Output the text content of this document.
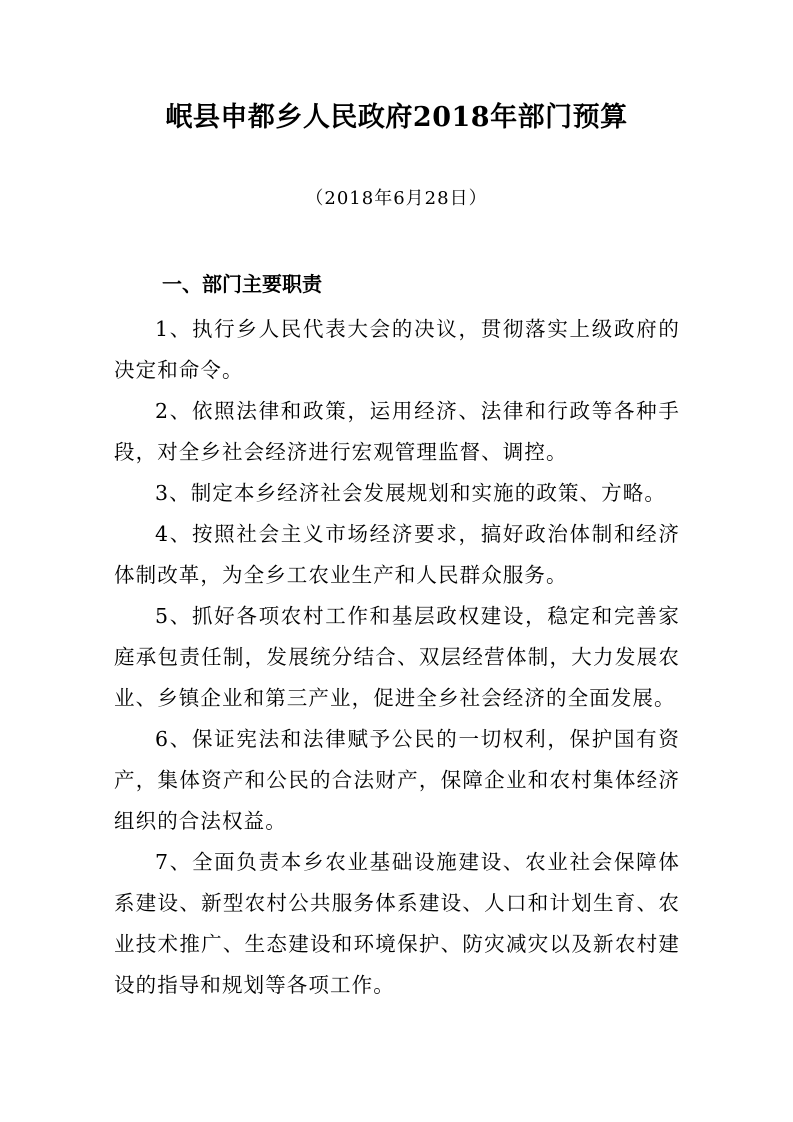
岷县申都乡人民政府2018年部门预算
（2018年6月28日）
一、部门主要职责

1、执行乡人民代表大会的决议，贯彻落实上级政府的决定和命令。

2、依照法律和政策，运用经济、法律和行政等各种手段，对全乡社会经济进行宏观管理监督、调控。

3、制定本乡经济社会发展规划和实施的政策、方略。

4、按照社会主义市场经济要求，搞好政治体制和经济体制改革，为全乡工农业生产和人民群众服务。

5、抓好各项农村工作和基层政权建设，稳定和完善家庭承包责任制，发展统分结合、双层经营体制，大力发展农业、乡镇企业和第三产业，促进全乡社会经济的全面发展。

6、保证宪法和法律赋予公民的一切权利，保护国有资产，集体资产和公民的合法财产，保障企业和农村集体经济组织的合法权益。

7、全面负责本乡农业基础设施建设、农业社会保障体系建设、新型农村公共服务体系建设、人口和计划生育、农业技术推广、生态建设和环境保护、防灾减灾以及新农村建设的指导和规划等各项工作。
